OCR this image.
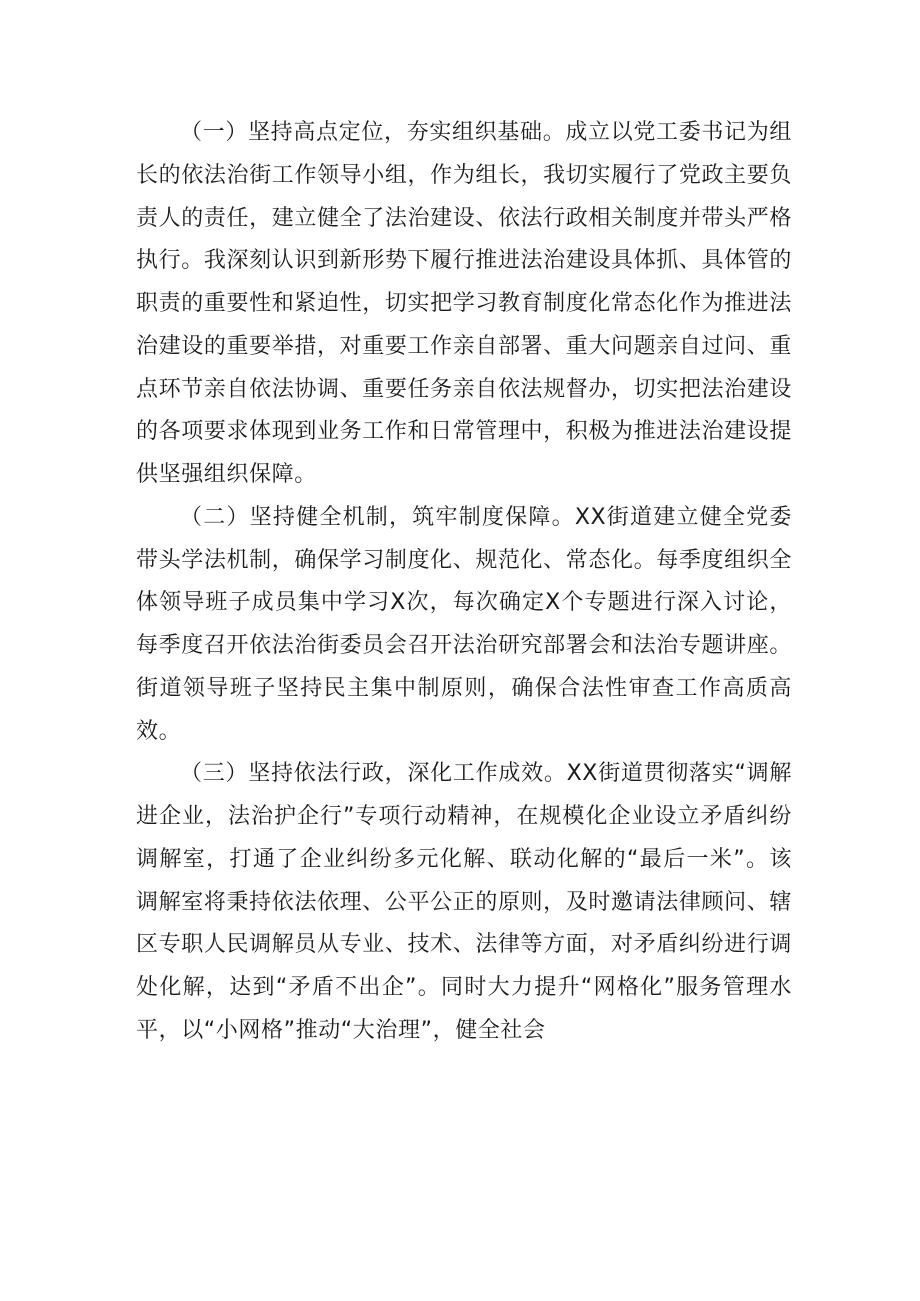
（一）坚持高点定位，夯实组织基础。成立以党工委书记为组长的依法治街工作领导小组，作为组长，我切实履行了党政主要负责人的责任，建立健全了法治建设、依法行政相关制度并带头严格执行。我深刻认识到新形势下履行推进法治建设具体抓、具体管的职责的重要性和紧迫性，切实把学习教育制度化常态化作为推进法治建设的重要举措，对重要工作亲自部署、重大问题亲自过问、重点环节亲自依法协调、重要任务亲自依法规督办，切实把法治建设的各项要求体现到业务工作和日常管理中，积极为推进法治建设提供坚强组织保障。

（二）坚持健全机制，筑牢制度保障。XX街道建立健全党委带头学法机制，确保学习制度化、规范化、常态化。每季度组织全体领导班子成员集中学习X次，每次确定X个专题进行深入讨论，每季度召开依法治街委员会召开法治研究部署会和法治专题讲座。街道领导班子坚持民主集中制原则，确保合法性审查工作高质高效。

（三）坚持依法行政，深化工作成效。XX街道贯彻落实“调解进企业，法治护企行”专项行动精神，在规模化企业设立矛盾纠纷调解室，打通了企业纠纷多元化解、联动化解的“最后一米”。该调解室将秉持依法依理、公平公正的原则，及时邀请法律顾问、辖区专职人民调解员从专业、技术、法律等方面，对矛盾纠纷进行调处化解，达到“矛盾不出企”。同时大力提升“网格化”服务管理水平，以“小网格”推动“大治理”，健全社会
